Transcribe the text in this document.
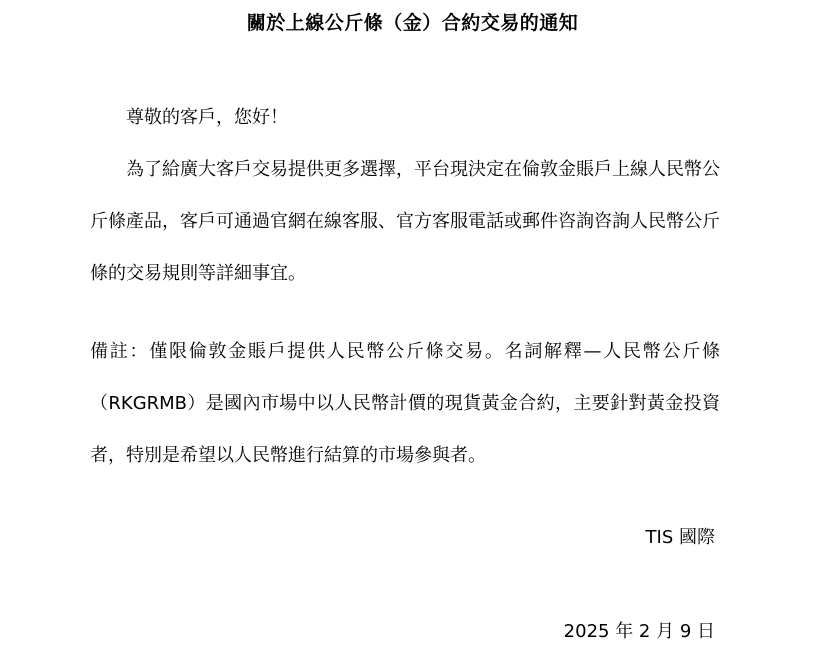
關於上線公斤條（金）合約交易的通知

尊敬的客戶，您好！

為了給廣大客戶交易提供更多選擇，平台現決定在倫敦金賬戶上線人民幣公斤條產品，客戶可通過官網在線客服、官方客服電話或郵件咨詢咨詢人民幣公斤條的交易規則等詳細事宜。

備註：僅限倫敦金賬戶提供人民幣公斤條交易。名詞解釋—人民幣公斤條（RKGRMB）是國內市場中以人民幣計價的現貨黃金合約，主要針對黃金投資者，特別是希望以人民幣進行結算的市場參與者。

TIS 國際
2025 年 2 月 9 日
